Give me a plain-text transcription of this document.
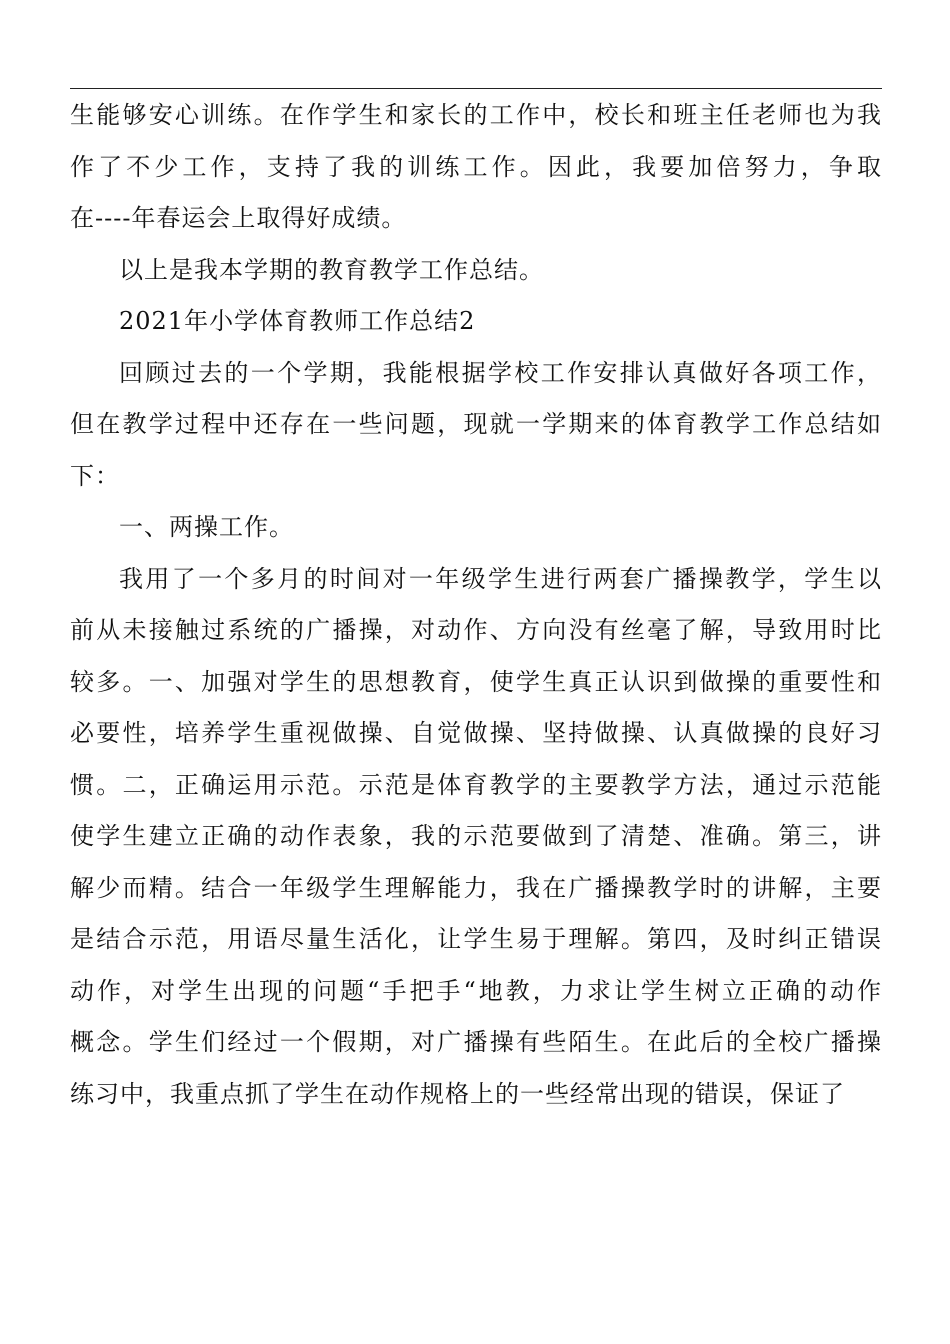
生能够安心训练。在作学生和家长的工作中，校长和班主任老师也为我
作了不少工作，支持了我的训练工作。因此，我要加倍努力，争取
在----年春运会上取得好成绩。
以上是我本学期的教育教学工作总结。
2021年小学体育教师工作总结2
回顾过去的一个学期，我能根据学校工作安排认真做好各项工作，
但在教学过程中还存在一些问题，现就一学期来的体育教学工作总结如
下：
一、两操工作。
我用了一个多月的时间对一年级学生进行两套广播操教学，学生以
前从未接触过系统的广播操，对动作、方向没有丝毫了解，导致用时比
较多。一、加强对学生的思想教育，使学生真正认识到做操的重要性和
必要性，培养学生重视做操、自觉做操、坚持做操、认真做操的良好习
惯。二，正确运用示范。示范是体育教学的主要教学方法，通过示范能
使学生建立正确的动作表象，我的示范要做到了清楚、准确。第三，讲
解少而精。结合一年级学生理解能力，我在广播操教学时的讲解，主要
是结合示范，用语尽量生活化，让学生易于理解。第四，及时纠正错误
动作，对学生出现的问题“手把手“地教，力求让学生树立正确的动作
概念。学生们经过一个假期，对广播操有些陌生。在此后的全校广播操
练习中，我重点抓了学生在动作规格上的一些经常出现的错误，保证了
